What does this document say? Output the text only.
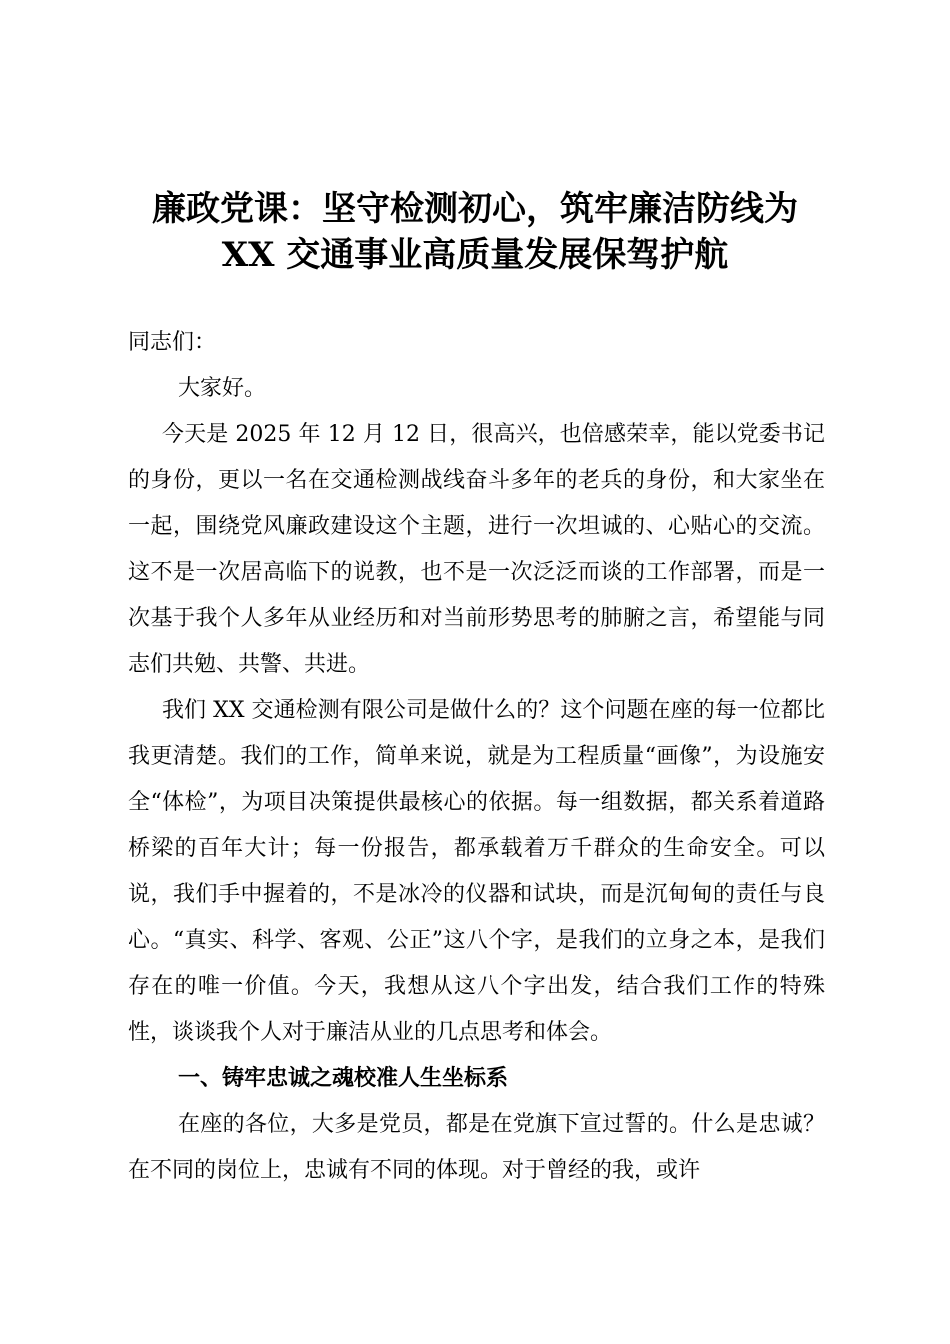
廉政党课：坚守检测初心，筑牢廉洁防线为
XX 交通事业高质量发展保驾护航

同志们：

大家好。

今天是 2025 年 12 月 12 日，很高兴，也倍感荣幸，能以党委书记的身份，更以一名在交通检测战线奋斗多年的老兵的身份，和大家坐在一起，围绕党风廉政建设这个主题，进行一次坦诚的、心贴心的交流。这不是一次居高临下的说教，也不是一次泛泛而谈的工作部署，而是一次基于我个人多年从业经历和对当前形势思考的肺腑之言，希望能与同志们共勉、共警、共进。

我们 XX 交通检测有限公司是做什么的？这个问题在座的每一位都比我更清楚。我们的工作，简单来说，就是为工程质量“画像”，为设施安全“体检”，为项目决策提供最核心的依据。每一组数据，都关系着道路桥梁的百年大计；每一份报告，都承载着万千群众的生命安全。可以说，我们手中握着的，不是冰冷的仪器和试块，而是沉甸甸的责任与良心。“真实、科学、客观、公正”这八个字，是我们的立身之本，是我们存在的唯一价值。今天，我想从这八个字出发，结合我们工作的特殊性，谈谈我个人对于廉洁从业的几点思考和体会。

一、铸牢忠诚之魂校准人生坐标系

在座的各位，大多是党员，都是在党旗下宣过誓的。什么是忠诚？在不同的岗位上，忠诚有不同的体现。对于曾经的我，或许
